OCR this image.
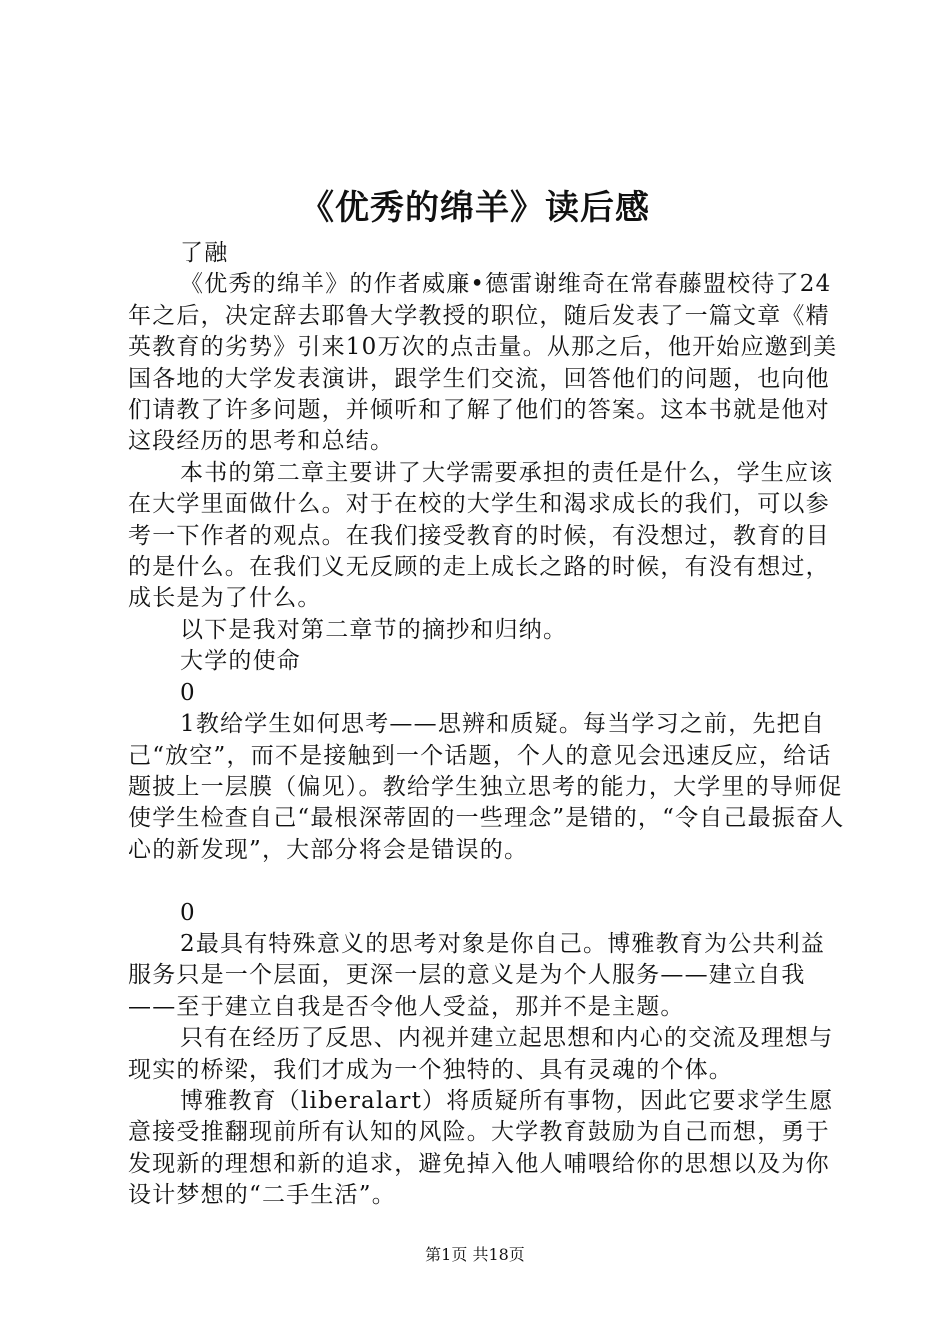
《优秀的绵羊》读后感

了融

《优秀的绵羊》的作者威廉•德雷谢维奇在常春藤盟校待了24年之后，决定辞去耶鲁大学教授的职位，随后发表了一篇文章《精英教育的劣势》引来10万次的点击量。从那之后，他开始应邀到美国各地的大学发表演讲，跟学生们交流，回答他们的问题，也向他们请教了许多问题，并倾听和了解了他们的答案。这本书就是他对这段经历的思考和总结。

本书的第二章主要讲了大学需要承担的责任是什么，学生应该在大学里面做什么。对于在校的大学生和渴求成长的我们，可以参考一下作者的观点。在我们接受教育的时候，有没想过，教育的目的是什么。在我们义无反顾的走上成长之路的时候，有没有想过，成长是为了什么。

以下是我对第二章节的摘抄和归纳。

大学的使命

0

1教给学生如何思考——思辨和质疑。每当学习之前，先把自己“放空”，而不是接触到一个话题，个人的意见会迅速反应，给话题披上一层膜（偏见）。教给学生独立思考的能力，大学里的导师促使学生检查自己“最根深蒂固的一些理念”是错的，“令自己最振奋人心的新发现”，大部分将会是错误的。

0

2最具有特殊意义的思考对象是你自己。博雅教育为公共利益服务只是一个层面，更深一层的意义是为个人服务——建立自我——至于建立自我是否令他人受益，那并不是主题。

只有在经历了反思、内视并建立起思想和内心的交流及理想与现实的桥梁，我们才成为一个独特的、具有灵魂的个体。

博雅教育（liberalart）将质疑所有事物，因此它要求学生愿意接受推翻现前所有认知的风险。大学教育鼓励为自己而想，勇于发现新的理想和新的追求，避免掉入他人哺喂给你的思想以及为你设计梦想的“二手生活”。

第1页 共18页
